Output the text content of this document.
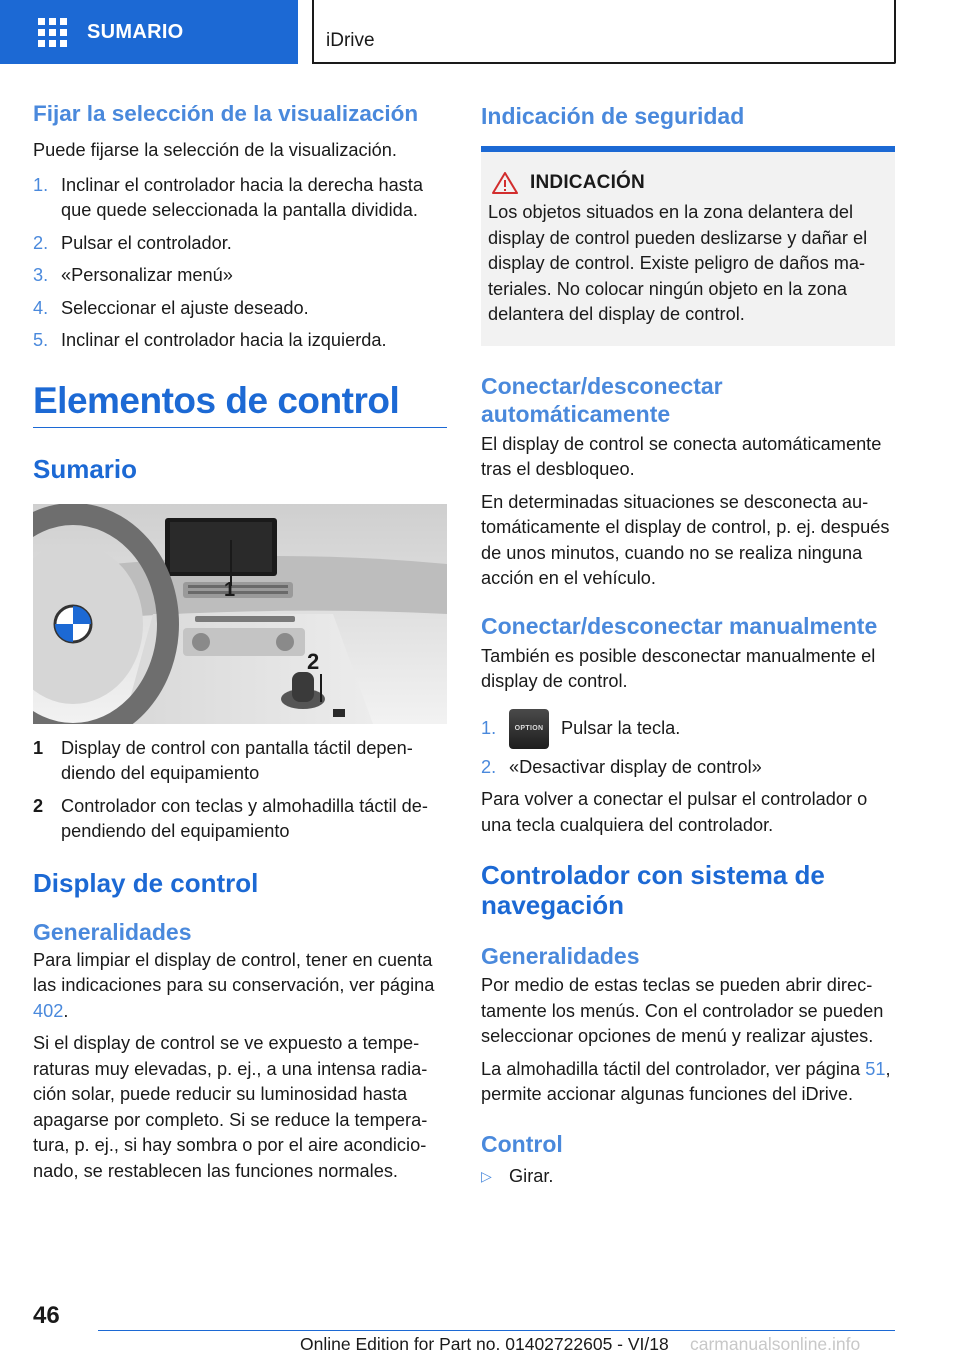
SUMARIO	iDrive
Fijar la selección de la visualización
Puede fijarse la selección de la visualización.
1. Inclinar el controlador hacia la derecha hasta que quede seleccionada la pantalla dividida.
2. Pulsar el controlador.
3. «Personalizar menú»
4. Seleccionar el ajuste deseado.
5. Inclinar el controlador hacia la izquierda.
Elementos de control
Sumario
1
2
1 Display de control con pantalla táctil dependiendo del equipamiento
2 Controlador con teclas y almohadilla táctil dependiendo del equipamiento
Display de control
Generalidades
Para limpiar el display de control, tener en cuenta las indicaciones para su conservación, ver página 402.
Si el display de control se ve expuesto a temperaturas muy elevadas, p. ej., a una intensa radiación solar, puede reducir su luminosidad hasta apagarse por completo. Si se reduce la temperatura, p. ej., si hay sombra o por el aire acondicionado, se restablecen las funciones normales.
Indicación de seguridad
INDICACIÓN
Los objetos situados en la zona delantera del display de control pueden deslizarse y dañar el display de control. Existe peligro de daños materiales. No colocar ningún objeto en la zona delantera del display de control.
Conectar/desconectar automáticamente
El display de control se conecta automáticamente tras el desbloqueo.
En determinadas situaciones se desconecta automáticamente el display de control, p. ej. después de unos minutos, cuando no se realiza ninguna acción en el vehículo.
Conectar/desconectar manualmente
También es posible desconectar manualmente el display de control.
1.	OPTION Pulsar la tecla.
2. «Desactivar display de control»
Para volver a conectar el pulsar el controlador o una tecla cualquiera del controlador.
Controlador con sistema de navegación
Generalidades
Por medio de estas teclas se pueden abrir directamente los menús. Con el controlador se pueden seleccionar opciones de menú y realizar ajustes.
La almohadilla táctil del controlador, ver página 51, permite accionar algunas funciones del iDrive.
Control
▷ Girar.
46
Online Edition for Part no. 01402722605 - VI/18 carmanualsonline.info
